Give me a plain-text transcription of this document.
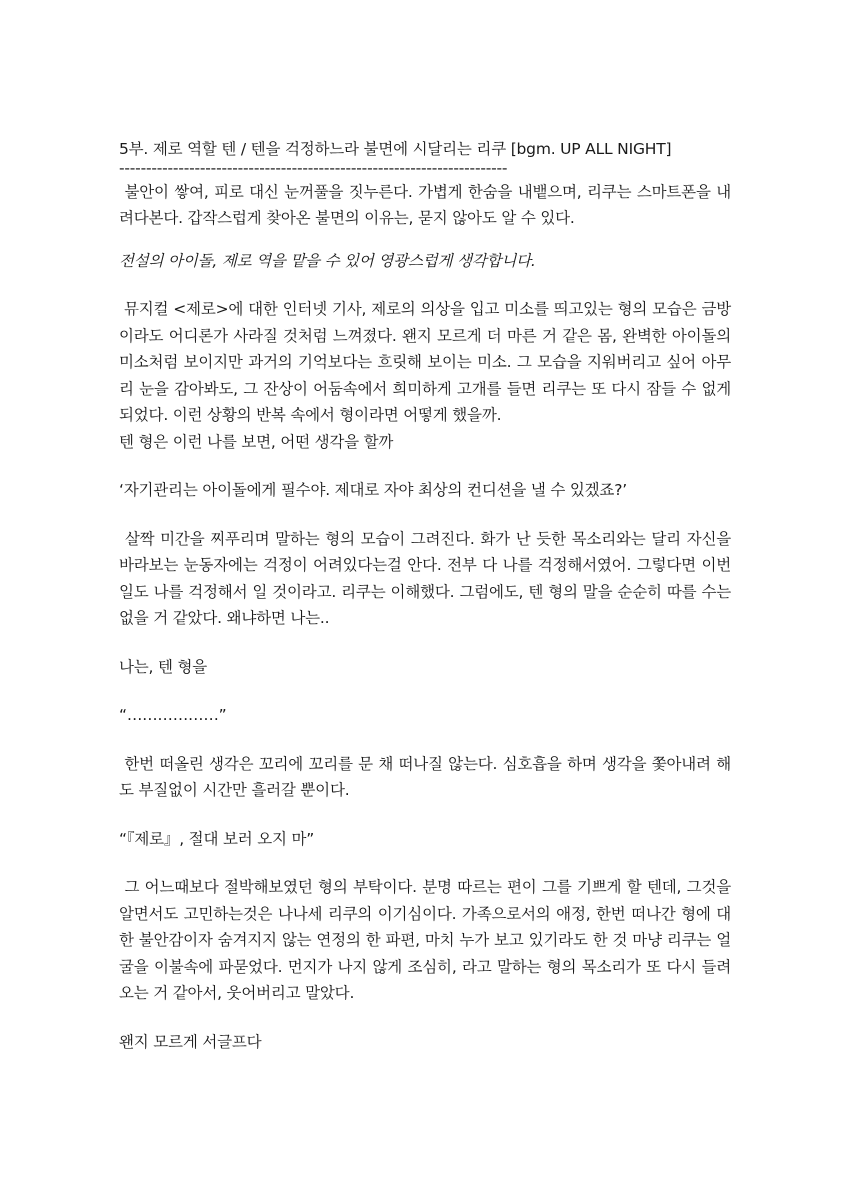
5부. 제로 역할 텐 / 텐을 걱정하느라 불면에 시달리는 리쿠 [bgm. UP ALL NIGHT]

------------------------------------------------------------------------

불안이 쌓여, 피로 대신 눈꺼풀을 짓누른다. 가볍게 한숨을 내뱉으며, 리쿠는 스마트폰을 내려다본다. 갑작스럽게 찾아온 불면의 이유는, 묻지 않아도 알 수 있다.

전설의 아이돌, 제로 역을 맡을 수 있어 영광스럽게 생각합니다.

뮤지컬 <제로>에 대한 인터넷 기사, 제로의 의상을 입고 미소를 띄고있는 형의 모습은 금방이라도 어디론가 사라질 것처럼 느껴졌다. 왠지 모르게 더 마른 거 같은 몸, 완벽한 아이돌의 미소처럼 보이지만 과거의 기억보다는 흐릿해 보이는 미소. 그 모습을 지워버리고 싶어 아무리 눈을 감아봐도, 그 잔상이 어둠속에서 희미하게 고개를 들면 리쿠는 또 다시 잠들 수 없게 되었다. 이런 상황의 반복 속에서 형이라면 어떻게 했을까.

텐 형은 이런 나를 보면, 어떤 생각을 할까

‘자기관리는 아이돌에게 필수야. 제대로 자야 최상의 컨디션을 낼 수 있겠죠?’

살짝 미간을 찌푸리며 말하는 형의 모습이 그려진다. 화가 난 듯한 목소리와는 달리 자신을 바라보는 눈동자에는 걱정이 어려있다는걸 안다. 전부 다 나를 걱정해서였어. 그렇다면 이번 일도 나를 걱정해서 일 것이라고. 리쿠는 이해했다. 그럼에도, 텐 형의 말을 순순히 따를 수는 없을 거 같았다. 왜냐하면 나는..

나는, 텐 형을

“………………”

한번 떠올린 생각은 꼬리에 꼬리를 문 채 떠나질 않는다. 심호흡을 하며 생각을 쫓아내려 해도 부질없이 시간만 흘러갈 뿐이다.

“『제로』, 절대 보러 오지 마”

그 어느때보다 절박해보였던 형의 부탁이다. 분명 따르는 편이 그를 기쁘게 할 텐데, 그것을 알면서도 고민하는것은 나나세 리쿠의 이기심이다. 가족으로서의 애정, 한번 떠나간 형에 대한 불안감이자 숨겨지지 않는 연정의 한 파편, 마치 누가 보고 있기라도 한 것 마냥 리쿠는 얼굴을 이불속에 파묻었다. 먼지가 나지 않게 조심히, 라고 말하는 형의 목소리가 또 다시 들려오는 거 같아서, 웃어버리고 말았다.

왠지 모르게 서글프다
